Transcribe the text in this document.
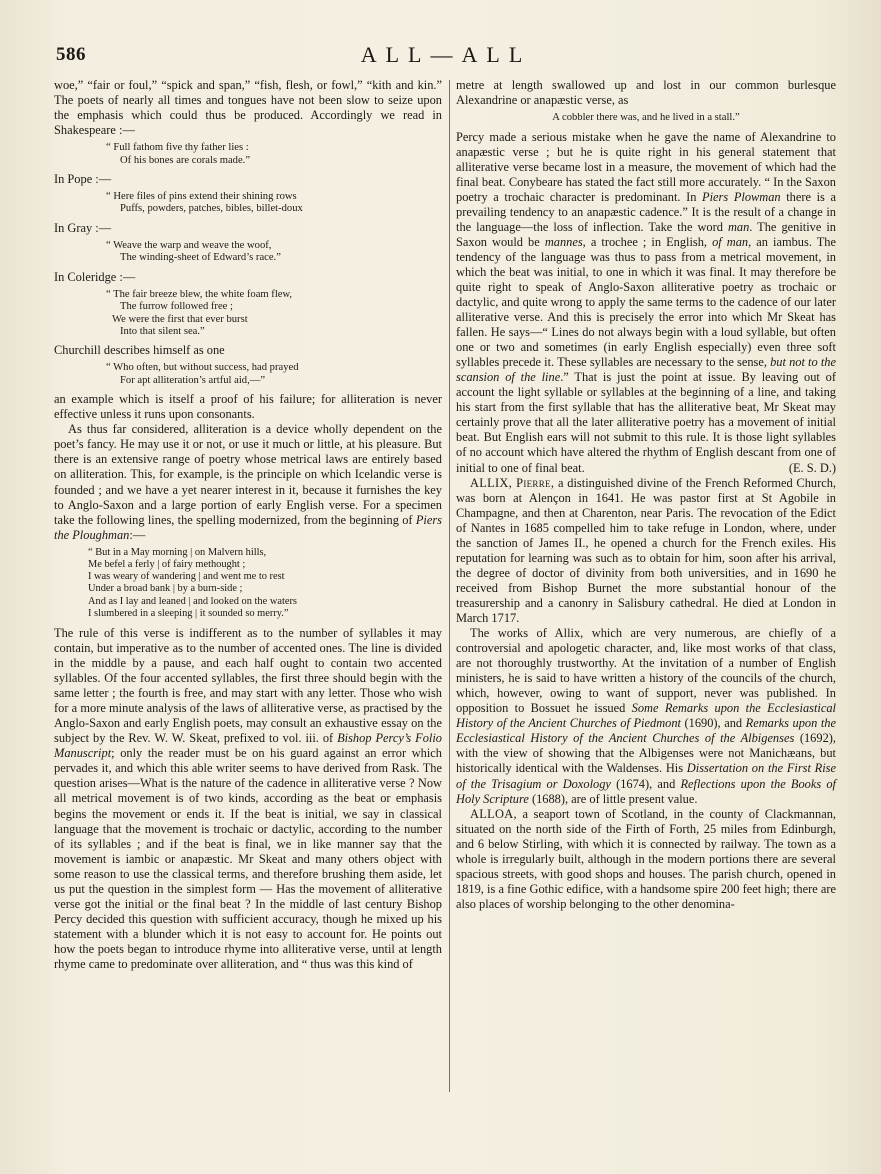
586	ALL—ALL

woe,” “fair or foul,” “spick and span,” “fish, flesh, or fowl,” “kith and kin.” The poets of nearly all times and tongues have not been slow to seize upon the emphasis which could thus be produced. Accordingly we read in Shakespeare :—

“ Full fathom five thy father lies :
Of his bones are corals made.”

In Pope :—

“ Here files of pins extend their shining rows
Puffs, powders, patches, bibles, billet-doux

In Gray :—

“ Weave the warp and weave the woof,
The winding-sheet of Edward’s race.”

In Coleridge :—

“ The fair breeze blew, the white foam flew,
The furrow followed free ;
We were the first that ever burst
Into that silent sea.”

Churchill describes himself as one

“ Who often, but without success, had prayed
For apt alliteration’s artful aid,—”

an example which is itself a proof of his failure; for alliteration is never effective unless it runs upon consonants.

As thus far considered, alliteration is a device wholly dependent on the poet’s fancy. He may use it or not, or use it much or little, at his pleasure. But there is an extensive range of poetry whose metrical laws are entirely based on alliteration. This, for example, is the principle on which Icelandic verse is founded ; and we have a yet nearer interest in it, because it furnishes the key to Anglo-Saxon and a large portion of early English verse. For a specimen take the following lines, the spelling modernized, from the beginning of Piers the Ploughman:—

“ But in a May morning | on Malvern hills,
Me befel a ferly | of fairy methought ;
I was weary of wandering | and went me to rest
Under a broad bank | by a burn-side ;
And as I lay and leaned | and looked on the waters
I slumbered in a sleeping | it sounded so merry.”

The rule of this verse is indifferent as to the number of syllables it may contain, but imperative as to the number of accented ones. The line is divided in the middle by a pause, and each half ought to contain two accented syllables. Of the four accented syllables, the first three should begin with the same letter ; the fourth is free, and may start with any letter. Those who wish for a more minute analysis of the laws of alliterative verse, as practised by the Anglo-Saxon and early English poets, may consult an exhaustive essay on the subject by the Rev. W. W. Skeat, prefixed to vol. iii. of Bishop Percy’s Folio Manuscript; only the reader must be on his guard against an error which pervades it, and which this able writer seems to have derived from Rask. The question arises—What is the nature of the cadence in alliterative verse ? Now all metrical movement is of two kinds, according as the beat or emphasis begins the movement or ends it. If the beat is initial, we say in classical language that the movement is trochaic or dactylic, according to the number of its syllables ; and if the beat is final, we in like manner say that the movement is iambic or anapæstic. Mr Skeat and many others object with some reason to use the classical terms, and therefore brushing them aside, let us put the question in the simplest form — Has the movement of alliterative verse got the initial or the final beat ? In the middle of last century Bishop Percy decided this question with sufficient accuracy, though he mixed up his statement with a blunder which it is not easy to account for. He points out how the poets began to introduce rhyme into alliterative verse, until at length rhyme came to predominate over alliteration, and “ thus was this kind of

metre at length swallowed up and lost in our common burlesque Alexandrine or anapæstic verse, as

A cobbler there was, and he lived in a stall.”

Percy made a serious mistake when he gave the name of Alexandrine to anapæstic verse ; but he is quite right in his general statement that alliterative verse became lost in a measure, the movement of which had the final beat. Conybeare has stated the fact still more accurately. “ In the Saxon poetry a trochaic character is predominant. In Piers Plowman there is a prevailing tendency to an anapæstic cadence.” It is the result of a change in the language—the loss of inflection. Take the word man. The genitive in Saxon would be mannes, a trochee ; in English, of man, an iambus. The tendency of the language was thus to pass from a metrical movement, in which the beat was initial, to one in which it was final. It may therefore be quite right to speak of Anglo-Saxon alliterative poetry as trochaic or dactylic, and quite wrong to apply the same terms to the cadence of our later alliterative verse. And this is precisely the error into which Mr Skeat has fallen. He says—“ Lines do not always begin with a loud syllable, but often one or two and sometimes (in early English especially) even three soft syllables precede it. These syllables are necessary to the sense, but not to the scansion of the line.” That is just the point at issue. By leaving out of account the light syllable or syllables at the beginning of a line, and taking his start from the first syllable that has the alliterative beat, Mr Skeat may certainly prove that all the later alliterative poetry has a movement of initial beat. But English ears will not submit to this rule. It is those light syllables of no account which have altered the rhythm of English descant from one of initial to one of final beat.	(E. S. D.)

ALLIX, Pierre, a distinguished divine of the French Reformed Church, was born at Alençon in 1641. He was pastor first at St Agobile in Champagne, and then at Charenton, near Paris. The revocation of the Edict of Nantes in 1685 compelled him to take refuge in London, where, under the sanction of James II., he opened a church for the French exiles. His reputation for learning was such as to obtain for him, soon after his arrival, the degree of doctor of divinity from both universities, and in 1690 he received from Bishop Burnet the more substantial honour of the treasurership and a canonry in Salisbury cathedral. He died at London in March 1717.

The works of Allix, which are very numerous, are chiefly of a controversial and apologetic character, and, like most works of that class, are not thoroughly trustworthy. At the invitation of a number of English ministers, he is said to have written a history of the councils of the church, which, however, owing to want of support, never was published. In opposition to Bossuet he issued Some Remarks upon the Ecclesiastical History of the Ancient Churches of Piedmont (1690), and Remarks upon the Ecclesiastical History of the Ancient Churches of the Albigenses (1692), with the view of showing that the Albigenses were not Manichæans, but historically identical with the Waldenses. His Dissertation on the First Rise of the Trisagium or Doxology (1674), and Reflections upon the Books of Holy Scripture (1688), are of little present value.

ALLOA, a seaport town of Scotland, in the county of Clackmannan, situated on the north side of the Firth of Forth, 25 miles from Edinburgh, and 6 below Stirling, with which it is connected by railway. The town as a whole is irregularly built, although in the modern portions there are several spacious streets, with good shops and houses. The parish church, opened in 1819, is a fine Gothic edifice, with a handsome spire 200 feet high; there are also places of worship belonging to the other denomina-
